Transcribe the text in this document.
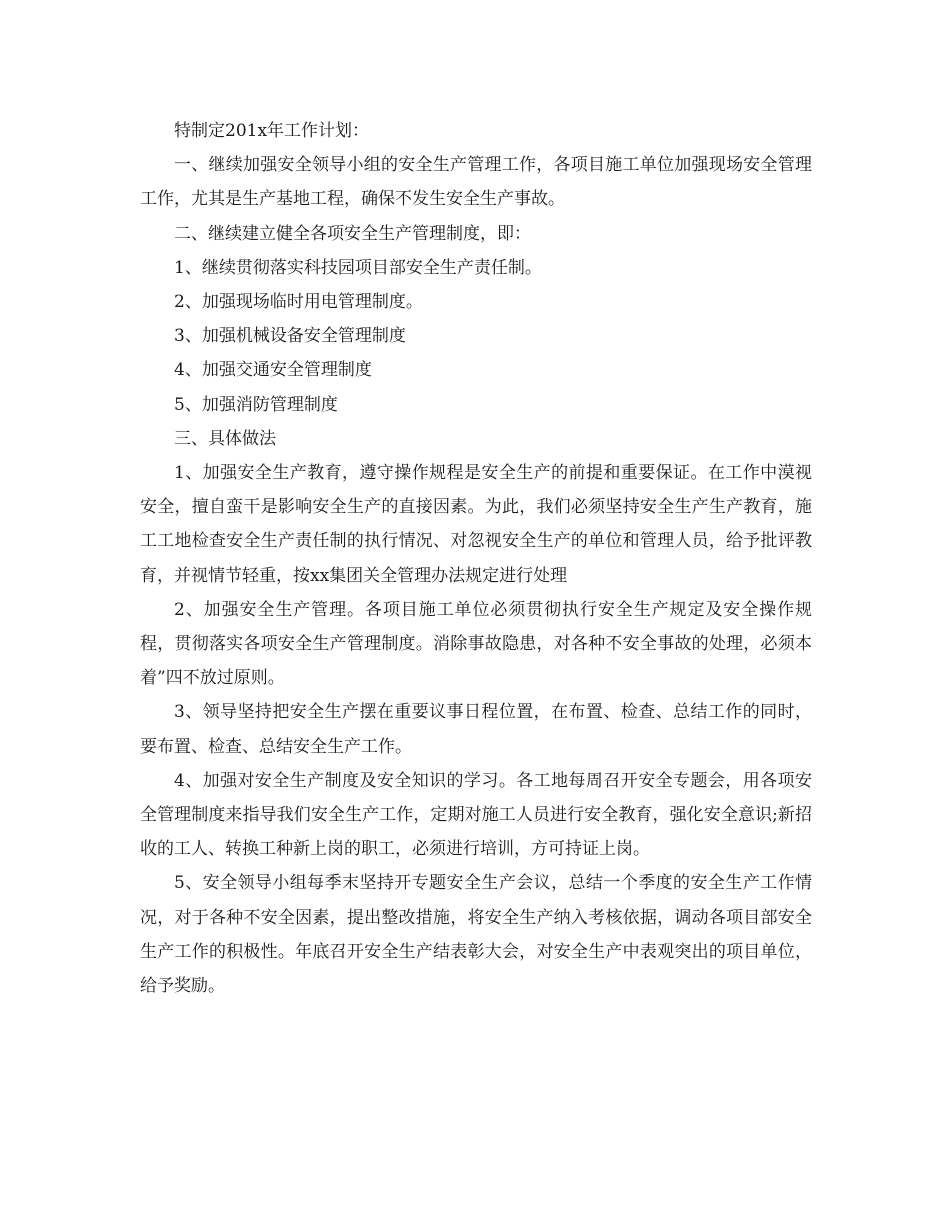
特制定201x年工作计划：

一、继续加强安全领导小组的安全生产管理工作，各项目施工单位加强现场安全管理工作，尤其是生产基地工程，确保不发生安全生产事故。

二、继续建立健全各项安全生产管理制度，即：

1、继续贯彻落实科技园项目部安全生产责任制。

2、加强现场临时用电管理制度。

3、加强机械设备安全管理制度

4、加强交通安全管理制度

5、加强消防管理制度

三、具体做法

1、加强安全生产教育，遵守操作规程是安全生产的前提和重要保证。在工作中漠视安全，擅自蛮干是影响安全生产的直接因素。为此，我们必须坚持安全生产生产教育，施工工地检查安全生产责任制的执行情况、对忽视安全生产的单位和管理人员，给予批评教育，并视情节轻重，按xx集团关全管理办法规定进行处理

2、加强安全生产管理。各项目施工单位必须贯彻执行安全生产规定及安全操作规程，贯彻落实各项安全生产管理制度。消除事故隐患，对各种不安全事故的处理，必须本着”四不放过原则。

3、领导坚持把安全生产摆在重要议事日程位置，在布置、检查、总结工作的同时，要布置、检查、总结安全生产工作。

4、加强对安全生产制度及安全知识的学习。各工地每周召开安全专题会，用各项安全管理制度来指导我们安全生产工作，定期对施工人员进行安全教育，强化安全意识;新招收的工人、转换工种新上岗的职工，必须进行培训，方可持证上岗。

5、安全领导小组每季末坚持开专题安全生产会议，总结一个季度的安全生产工作情况，对于各种不安全因素，提出整改措施，将安全生产纳入考核依据，调动各项目部安全生产工作的积极性。年底召开安全生产结表彰大会，对安全生产中表观突出的项目单位，给予奖励。
